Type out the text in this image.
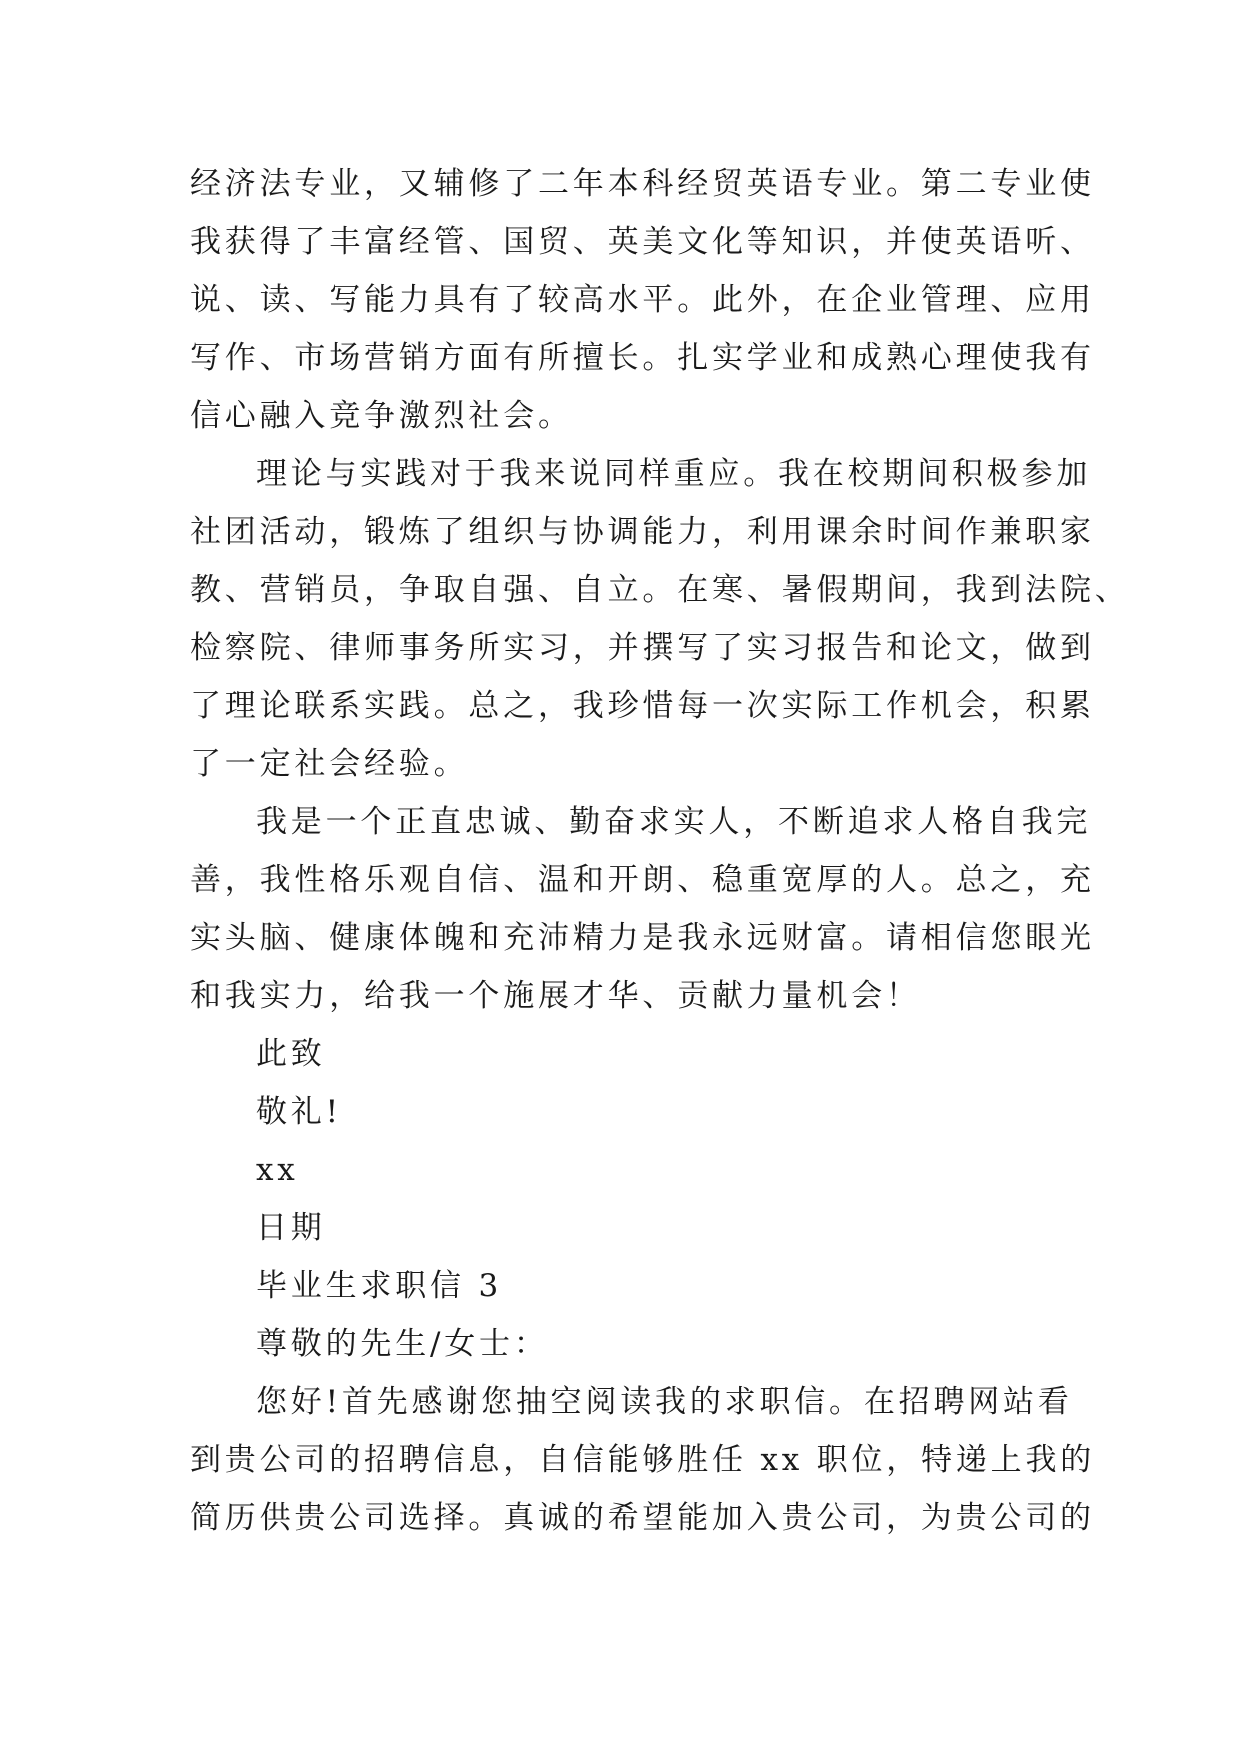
经济法专业，又辅修了二年本科经贸英语专业。第二专业使
我获得了丰富经管、国贸、英美文化等知识，并使英语听、
说、读、写能力具有了较高水平。此外，在企业管理、应用
写作、市场营销方面有所擅长。扎实学业和成熟心理使我有
信心融入竞争激烈社会。
理论与实践对于我来说同样重应。我在校期间积极参加
社团活动，锻炼了组织与协调能力，利用课余时间作兼职家
教、营销员，争取自强、自立。在寒、暑假期间，我到法院、
检察院、律师事务所实习，并撰写了实习报告和论文，做到
了理论联系实践。总之，我珍惜每一次实际工作机会，积累
了一定社会经验。
我是一个正直忠诚、勤奋求实人，不断追求人格自我完
善，我性格乐观自信、温和开朗、稳重宽厚的人。总之，充
实头脑、健康体魄和充沛精力是我永远财富。请相信您眼光
和我实力，给我一个施展才华、贡献力量机会！
此致
敬礼!
xx
日期
毕业生求职信 3
尊敬的先生/女士：
您好!首先感谢您抽空阅读我的求职信。在招聘网站看
到贵公司的招聘信息，自信能够胜任 xx 职位，特递上我的
简历供贵公司选择。真诚的希望能加入贵公司，为贵公司的
